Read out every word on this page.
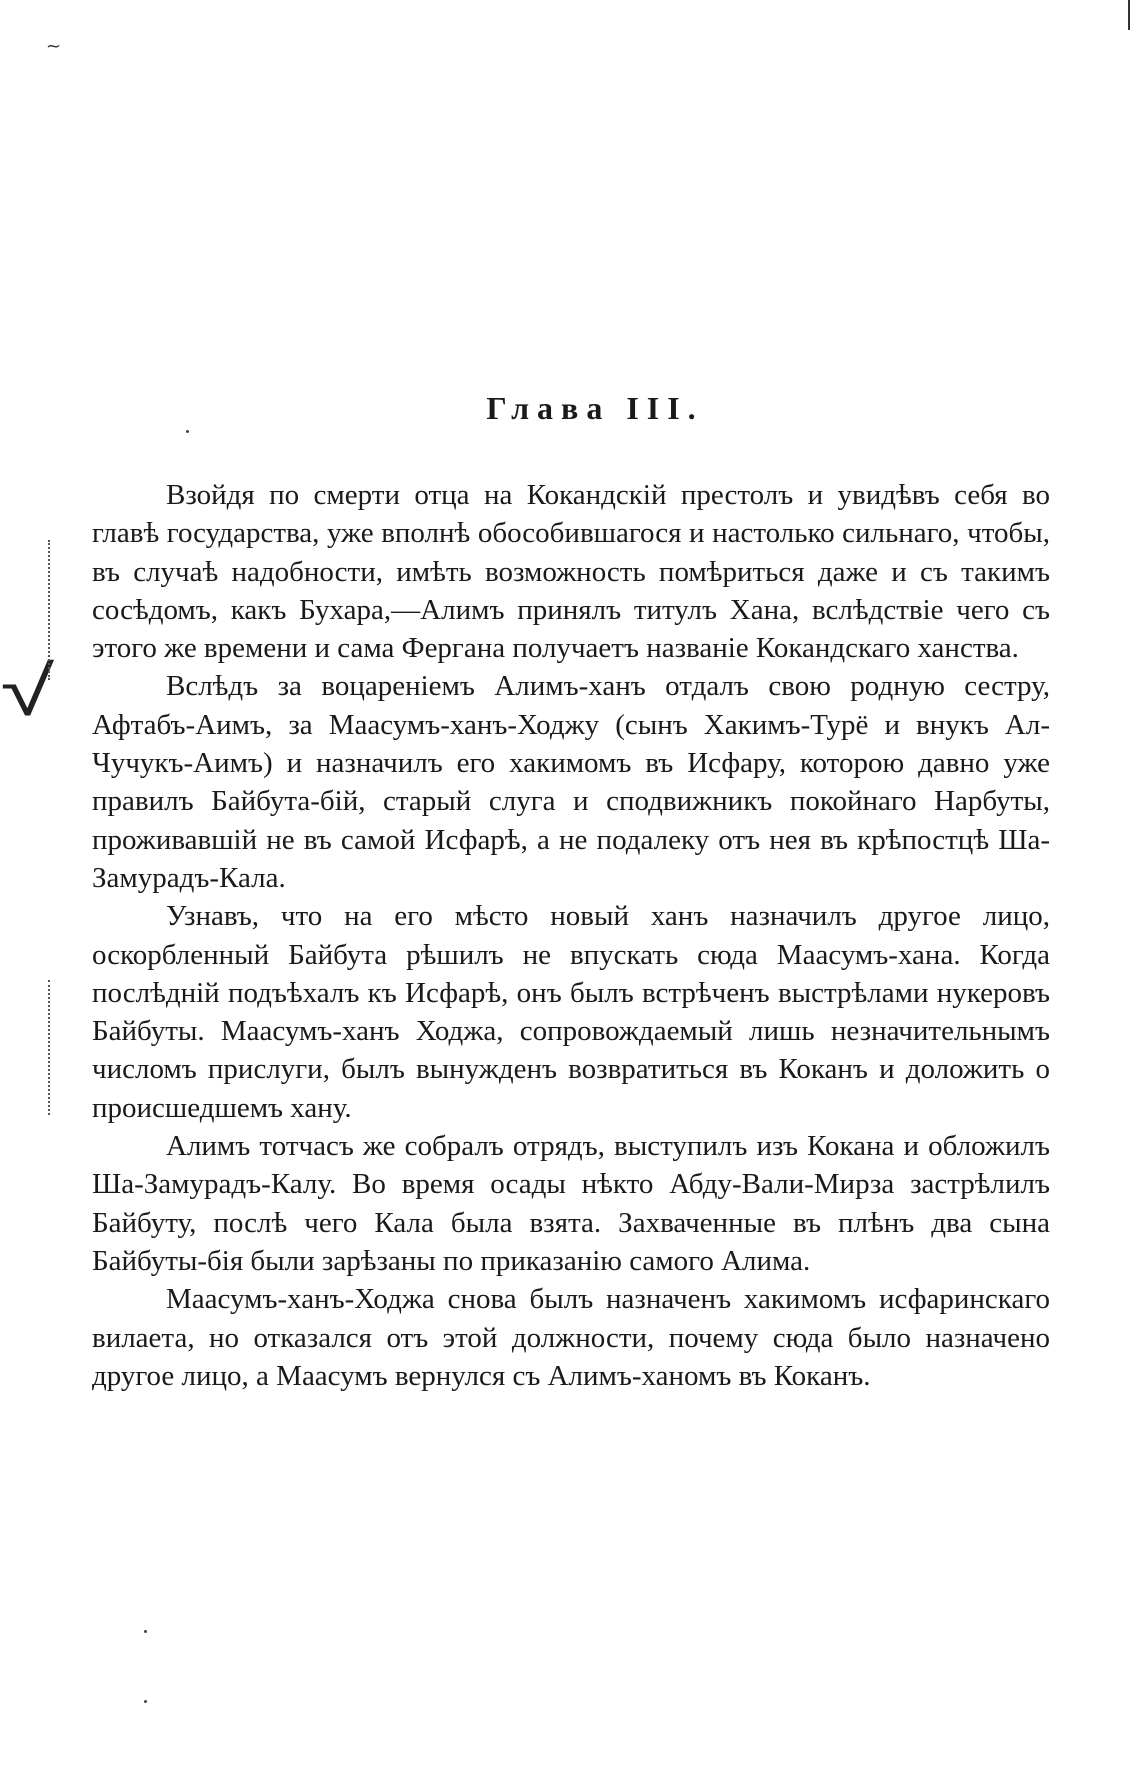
~
Глава III.
√

Взойдя по смерти отца на Кокандскій престолъ и увидѣвъ себя во главѣ государства, уже вполнѣ обособившагося и настолько сильнаго, чтобы, въ случаѣ надобности, имѣть возможность помѣриться даже и съ такимъ сосѣдомъ, какъ Бухара,—Алимъ принялъ титулъ Хана, вслѣдствіе чего съ этого же времени и сама Фергана получаетъ названіе Кокандскаго ханства.

Вслѣдъ за воцареніемъ Алимъ-ханъ отдалъ свою родную сестру, Афтабъ-Аимъ, за Маасумъ-ханъ-Ходжу (сынъ Хакимъ-Турё и внукъ Ал-Чучукъ-Аимъ) и назначилъ его хакимомъ въ Исфару, которою давно уже правилъ Байбута-бій, старый слуга и сподвижникъ покойнаго Нарбуты, проживавшій не въ самой Исфарѣ, а не подалеку отъ нея въ крѣпостцѣ Ша-Замурадъ-Кала.

Узнавъ, что на его мѣсто новый ханъ назначилъ другое лицо, оскорбленный Байбута рѣшилъ не впускать сюда Маасумъ-хана. Когда послѣдній подъѣхалъ къ Исфарѣ, онъ былъ встрѣченъ выстрѣлами нукеровъ Байбуты. Маасумъ-ханъ Ходжа, сопровождаемый лишь незначительнымъ числомъ прислуги, былъ вынужденъ возвратиться въ Коканъ и доложить о происшедшемъ хану.

Алимъ тотчасъ же собралъ отрядъ, выступилъ изъ Кокана и обложилъ Ша-Замурадъ-Калу. Во время осады нѣкто Абду-Вали-Мирза застрѣлилъ Байбуту, послѣ чего Кала была взята. Захваченные въ плѣнъ два сына Байбуты-бія были зарѣзаны по приказанію самого Алима.

Маасумъ-ханъ-Ходжа снова былъ назначенъ хакимомъ исфаринскаго вилаета, но отказался отъ этой должности, почему сюда было назначено другое лицо, а Маасумъ вернулся съ Алимъ-ханомъ въ Коканъ.
